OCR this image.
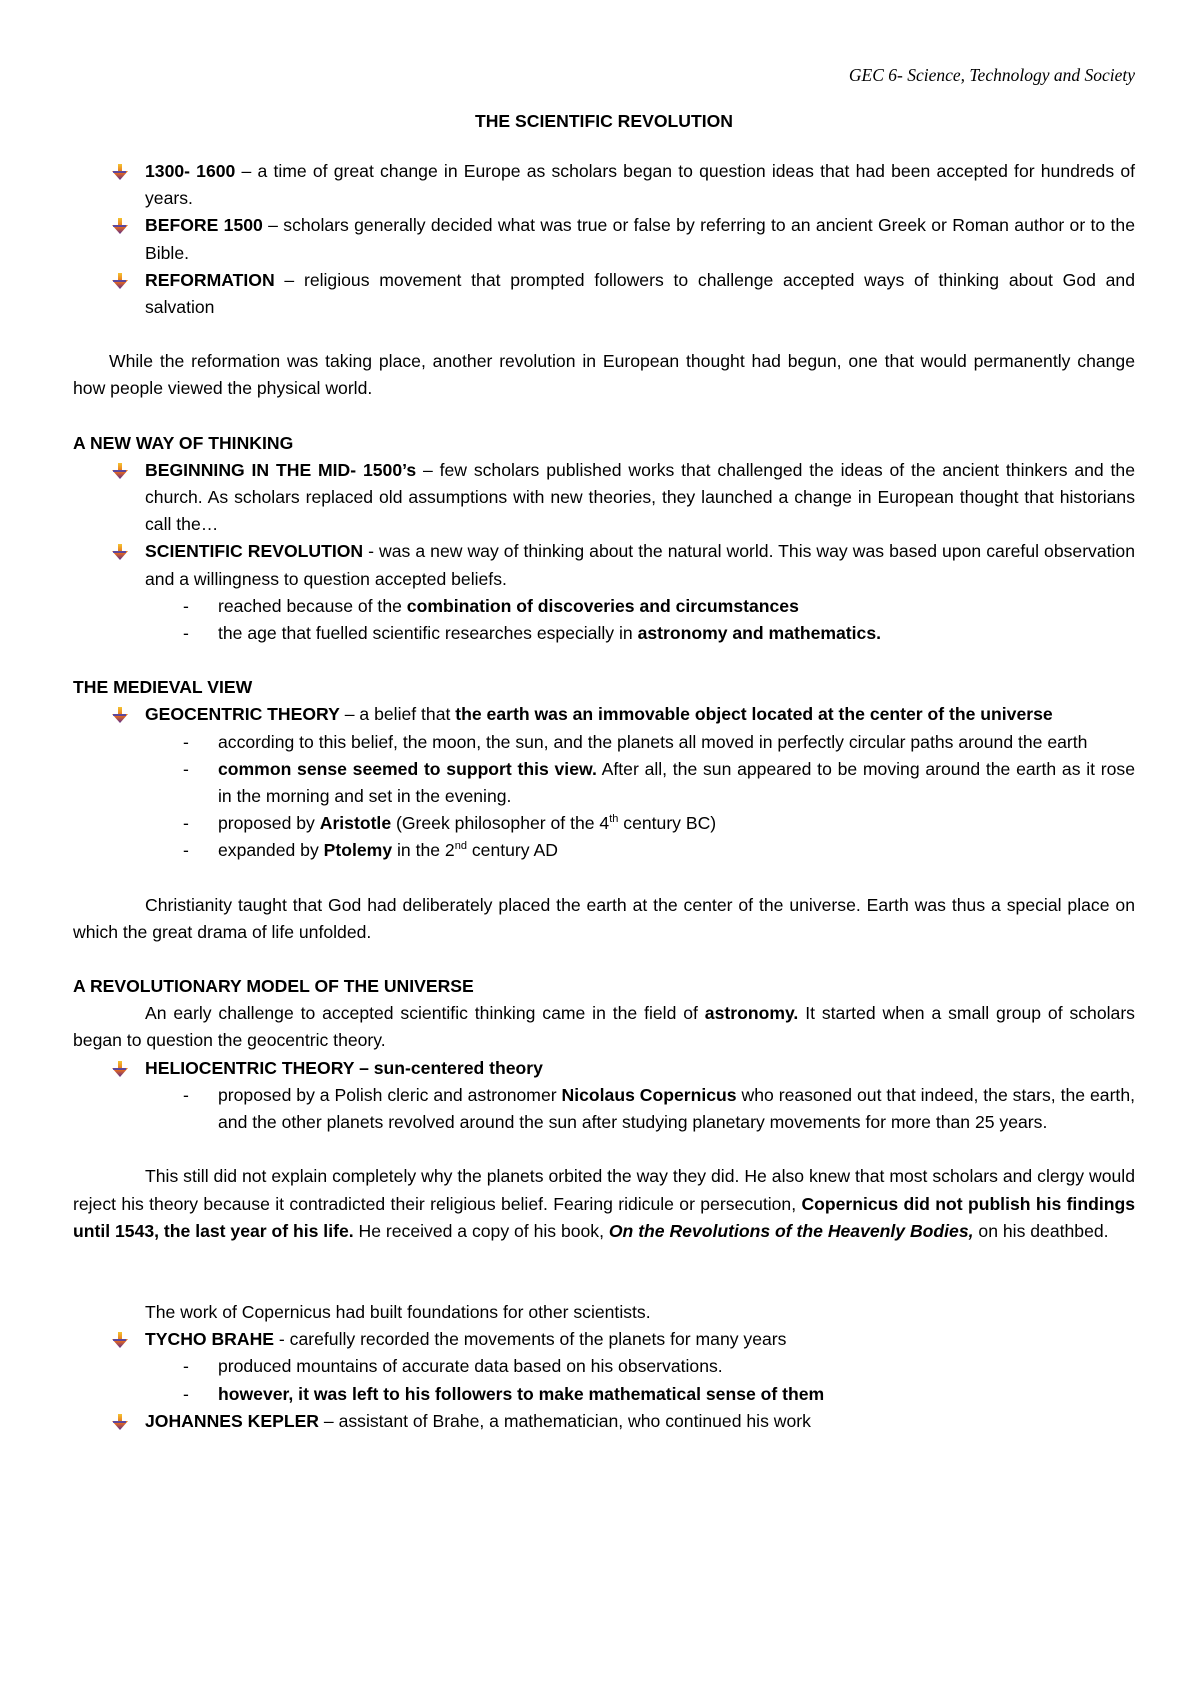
GEC 6- Science, Technology and Society
THE SCIENTIFIC REVOLUTION
1300- 1600 – a time of great change in Europe as scholars began to question ideas that had been accepted for hundreds of years.
BEFORE 1500 – scholars generally decided what was true or false by referring to an ancient Greek or Roman author or to the Bible.
REFORMATION – religious movement that prompted followers to challenge accepted ways of thinking about God and salvation
While the reformation was taking place, another revolution in European thought had begun, one that would permanently change how people viewed the physical world.
A NEW WAY OF THINKING
BEGINNING IN THE MID- 1500’s – few scholars published works that challenged the ideas of the ancient thinkers and the church. As scholars replaced old assumptions with new theories, they launched a change in European thought that historians call the…
SCIENTIFIC REVOLUTION - was a new way of thinking about the natural world. This way was based upon careful observation and a willingness to question accepted beliefs.
- reached because of the combination of discoveries and circumstances
- the age that fuelled scientific researches especially in astronomy and mathematics.
THE MEDIEVAL VIEW
GEOCENTRIC THEORY – a belief that the earth was an immovable object located at the center of the universe
- according to this belief, the moon, the sun, and the planets all moved in perfectly circular paths around the earth
- common sense seemed to support this view. After all, the sun appeared to be moving around the earth as it rose in the morning and set in the evening.
- proposed by Aristotle (Greek philosopher of the 4th century BC)
- expanded by Ptolemy in the 2nd century AD
Christianity taught that God had deliberately placed the earth at the center of the universe. Earth was thus a special place on which the great drama of life unfolded.
A REVOLUTIONARY MODEL OF THE UNIVERSE
An early challenge to accepted scientific thinking came in the field of astronomy. It started when a small group of scholars began to question the geocentric theory.
HELIOCENTRIC THEORY – sun-centered theory
- proposed by a Polish cleric and astronomer Nicolaus Copernicus who reasoned out that indeed, the stars, the earth, and the other planets revolved around the sun after studying planetary movements for more than 25 years.
This still did not explain completely why the planets orbited the way they did. He also knew that most scholars and clergy would reject his theory because it contradicted their religious belief. Fearing ridicule or persecution, Copernicus did not publish his findings until 1543, the last year of his life. He received a copy of his book, On the Revolutions of the Heavenly Bodies, on his deathbed.
The work of Copernicus had built foundations for other scientists.
TYCHO BRAHE - carefully recorded the movements of the planets for many years
- produced mountains of accurate data based on his observations.
- however, it was left to his followers to make mathematical sense of them
JOHANNES KEPLER – assistant of Brahe, a mathematician, who continued his work
